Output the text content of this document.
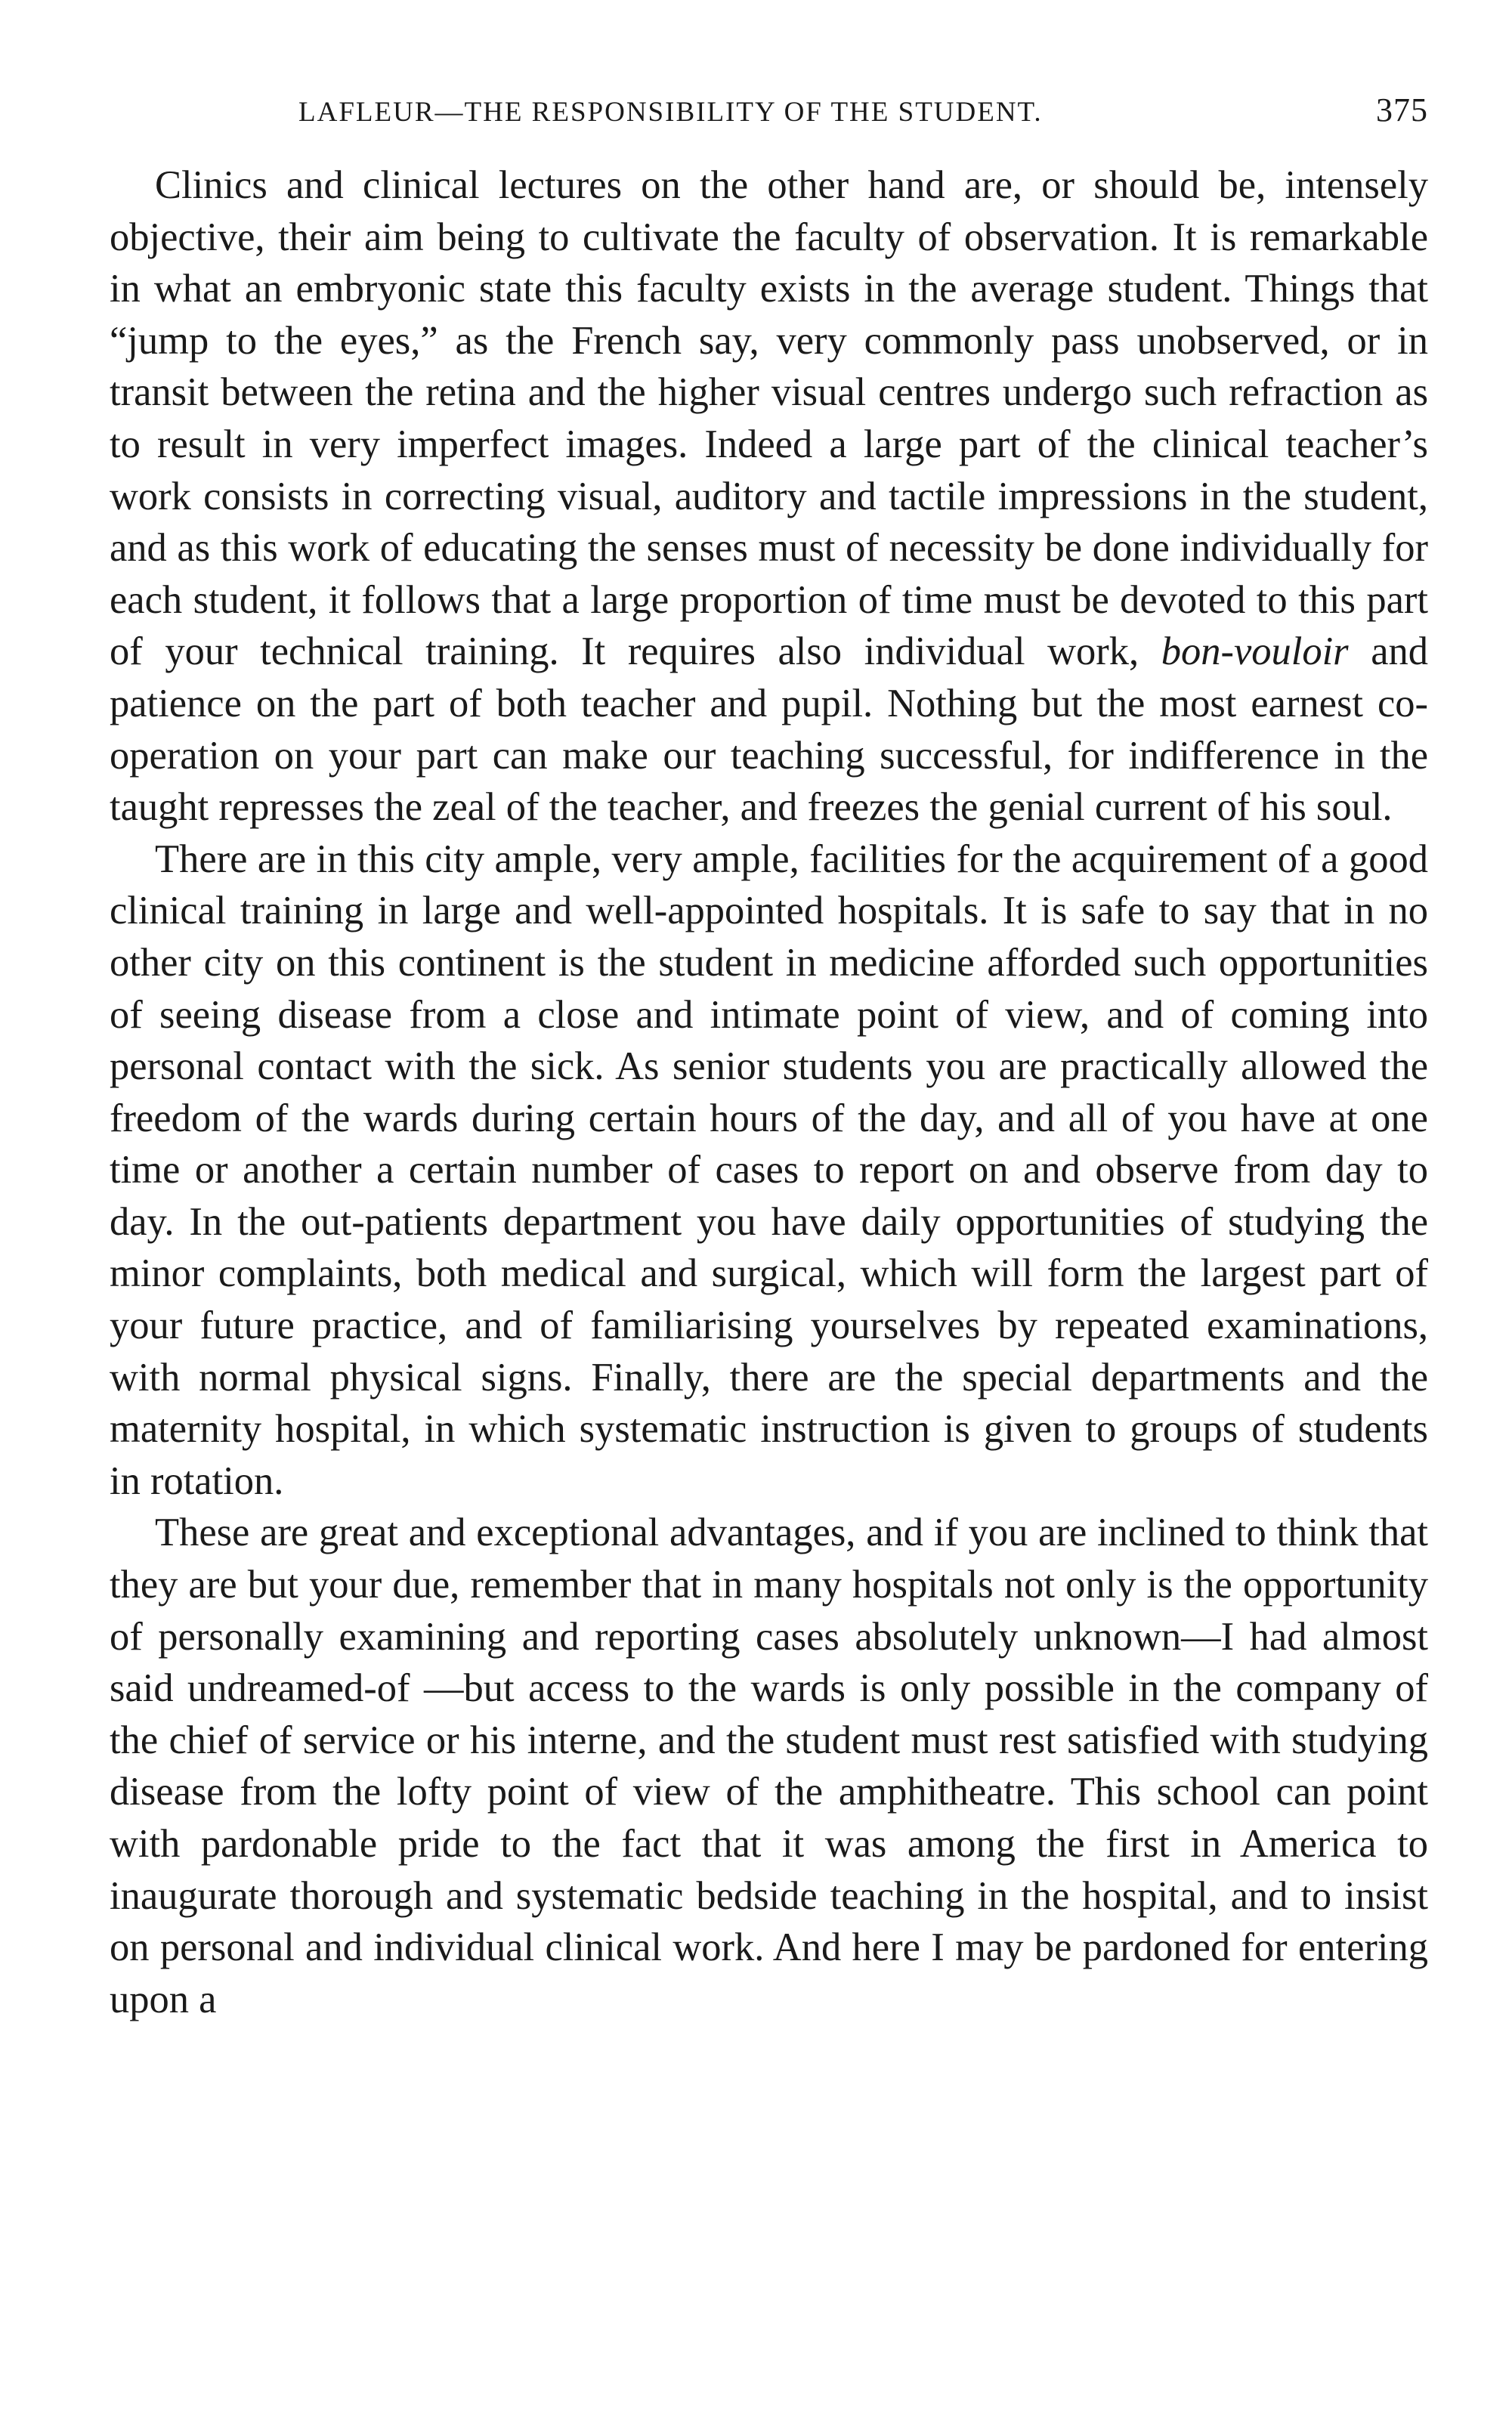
LAFLEUR—THE RESPONSIBILITY OF THE STUDENT.	375

Clinics and clinical lectures on the other hand are, or should be, intensely objective, their aim being to cultivate the faculty of observation. It is remarkable in what an embryonic state this faculty exists in the average student. Things that “jump to the eyes,” as the French say, very commonly pass unobserved, or in transit between the retina and the higher visual centres undergo such refraction as to result in very imperfect images. Indeed a large part of the clinical teacher’s work consists in correcting visual, auditory and tactile impressions in the student, and as this work of educating the senses must of necessity be done individually for each student, it follows that a large proportion of time must be devoted to this part of your technical training. It requires also individual work, bon-vouloir and patience on the part of both teacher and pupil. Nothing but the most earnest co-operation on your part can make our teaching successful, for indifference in the taught represses the zeal of the teacher, and freezes the genial current of his soul.

There are in this city ample, very ample, facilities for the acquirement of a good clinical training in large and well-appointed hospitals. It is safe to say that in no other city on this continent is the student in medicine afforded such opportunities of seeing disease from a close and intimate point of view, and of coming into personal contact with the sick. As senior students you are practically allowed the freedom of the wards during certain hours of the day, and all of you have at one time or another a certain number of cases to report on and observe from day to day. In the out-patients department you have daily opportunities of studying the minor complaints, both medical and surgical, which will form the largest part of your future practice, and of familiarising yourselves by repeated examinations, with normal physical signs. Finally, there are the special departments and the maternity hospital, in which systematic instruction is given to groups of students in rotation.

These are great and exceptional advantages, and if you are inclined to think that they are but your due, remember that in many hospitals not only is the opportunity of personally examining and reporting cases absolutely unknown—I had almost said undreamed-of —but access to the wards is only possible in the company of the chief of service or his interne, and the student must rest satisfied with studying disease from the lofty point of view of the amphitheatre. This school can point with pardonable pride to the fact that it was among the first in America to inaugurate thorough and systematic bedside teaching in the hospital, and to insist on personal and individual clinical work. And here I may be pardoned for entering upon a
